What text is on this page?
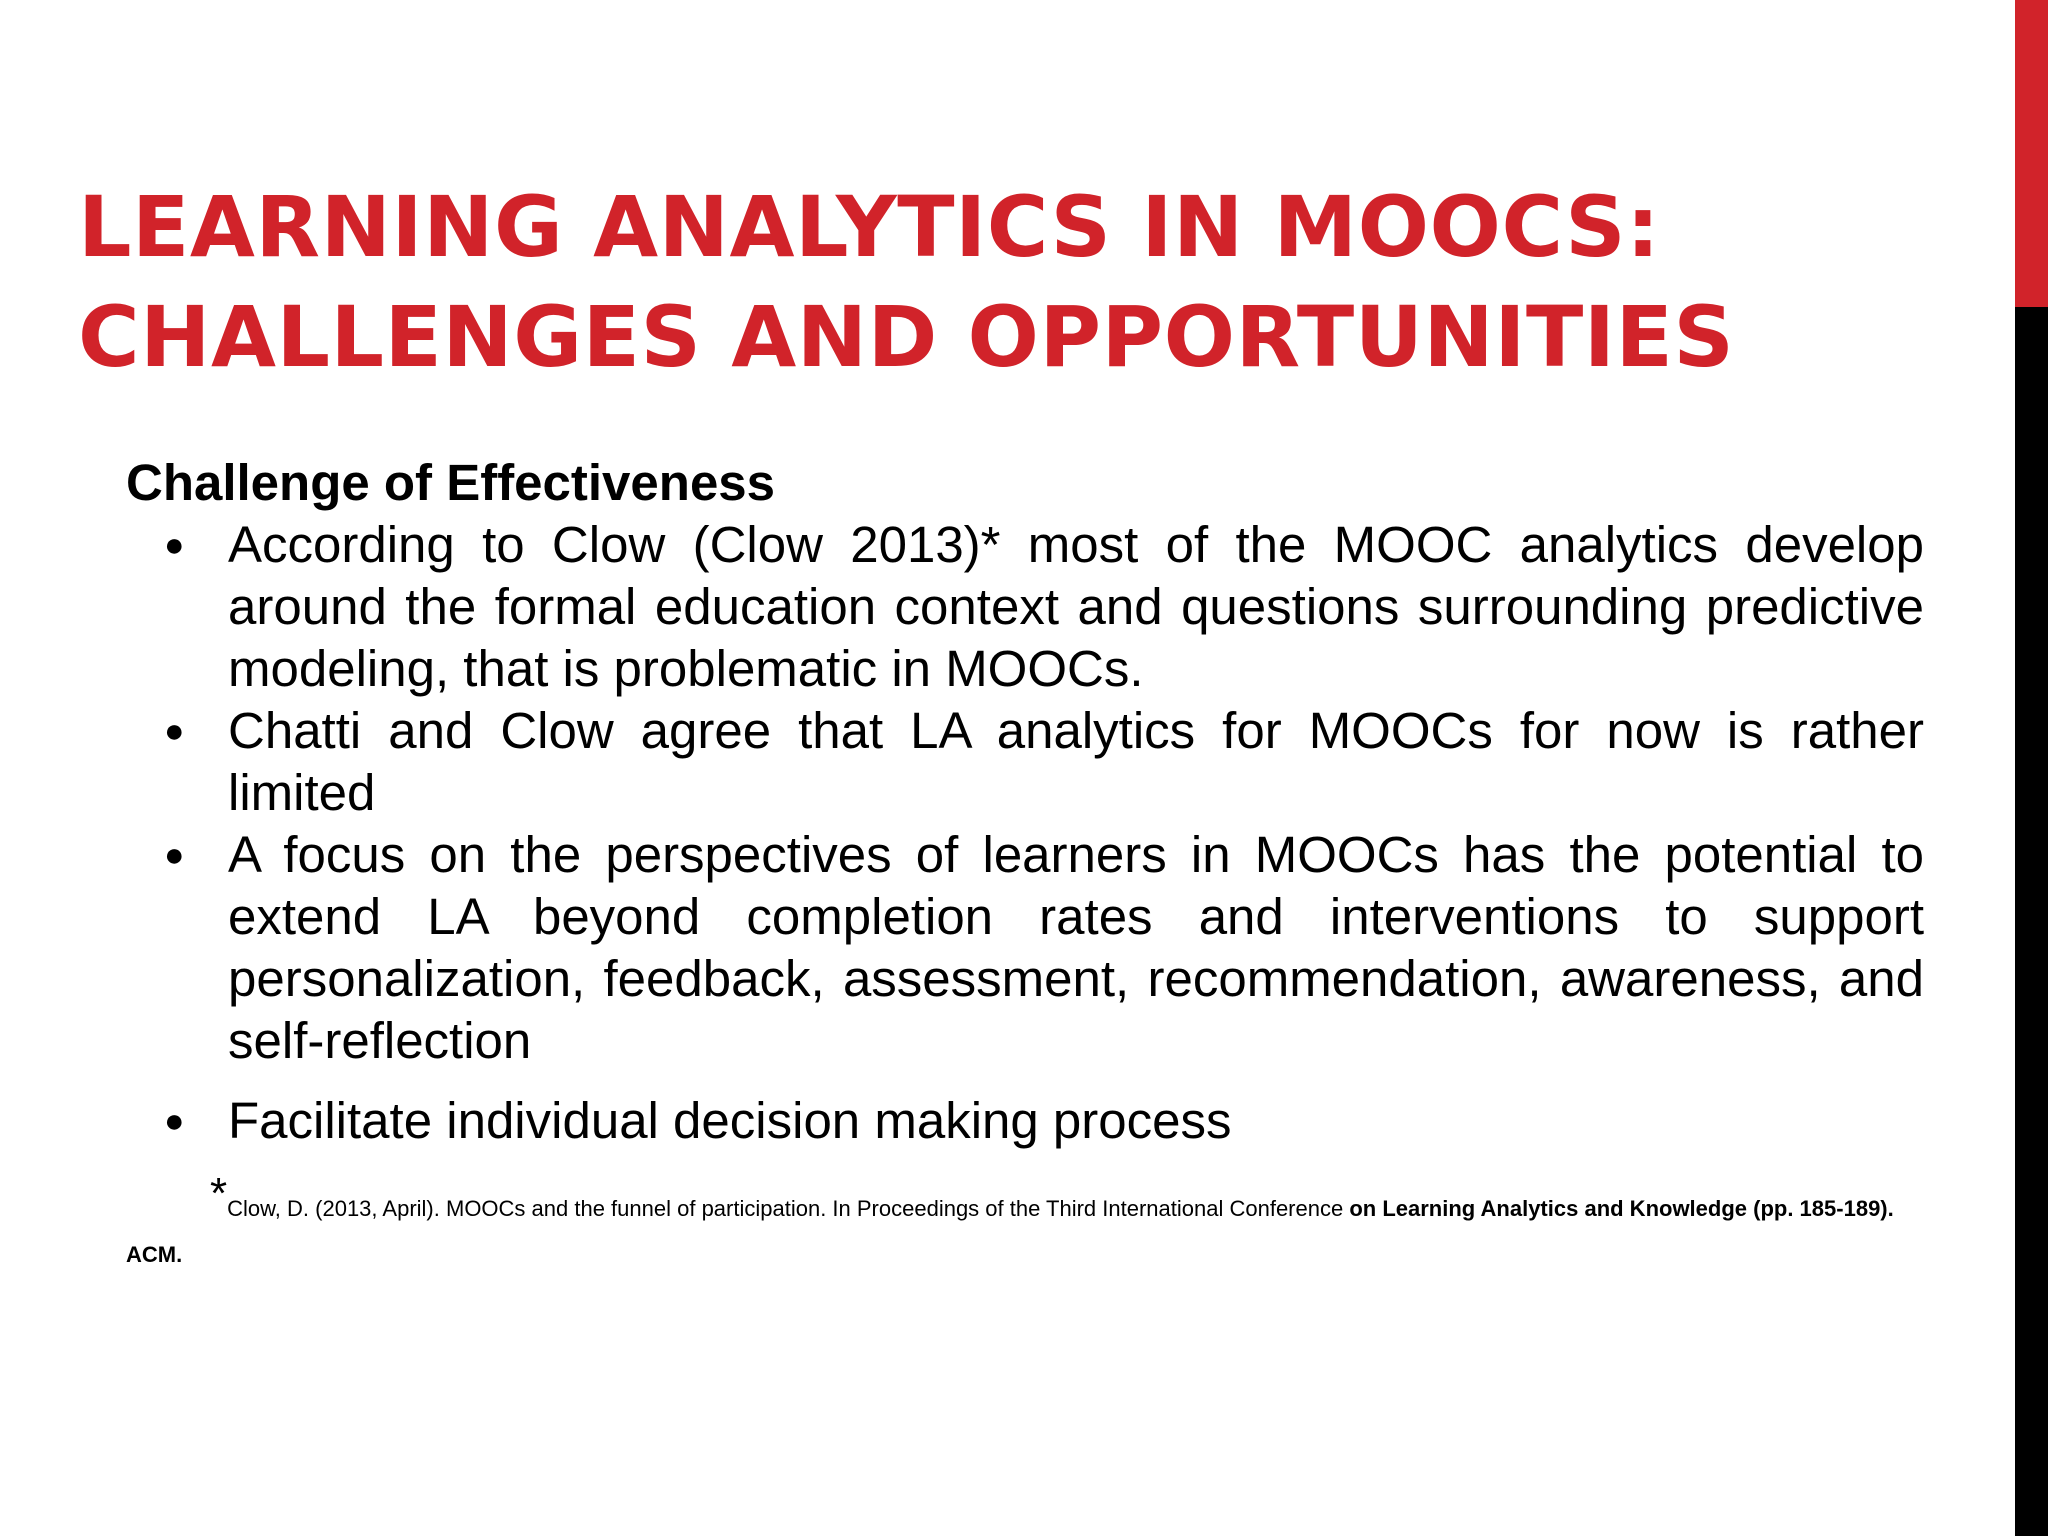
LEARNING ANALYTICS IN MOOCS:
CHALLENGES AND OPPORTUNITIES

Challenge of Effectiveness

● According to Clow (Clow 2013)* most of the MOOC analytics develop around the formal education context and questions surrounding predictive modeling, that is problematic in MOOCs.
● Chatti and Clow agree that LA analytics for MOOCs for now is rather limited
● A focus on the perspectives of learners in MOOCs has the potential to extend LA beyond completion rates and interventions to support personalization, feedback, assessment, recommendation, awareness, and self-reflection
● Facilitate individual decision making process
*Clow, D. (2013, April). MOOCs and the funnel of participation. In Proceedings of the Third International Conference on Learning Analytics and Knowledge (pp. 185-189). ACM.
